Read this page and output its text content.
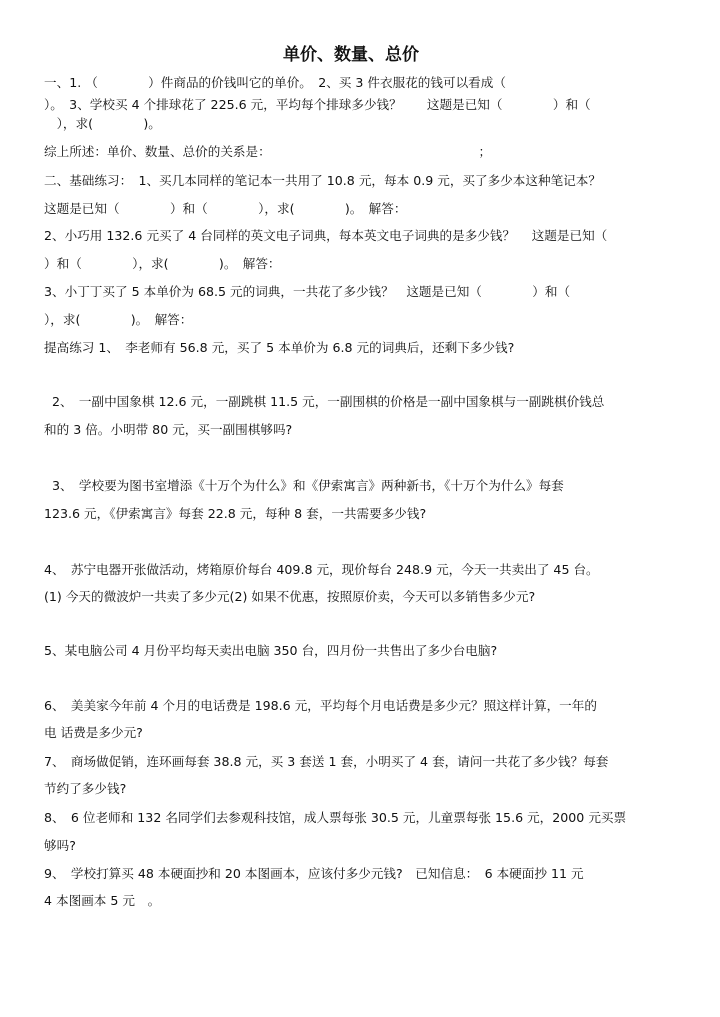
单价、数量、总价
一、1. （　　　　）件商品的价钱叫它的单价。　2、买 3 件衣服花的钱可以看成（
）。　3、学校买 4 个排球花了 225.6 元，平均每个排球多少钱？　　这题是已知（　　　　）和（
　），求(　　　　)。
综上所述：单价、数量、总价的关系是：　　　　　　　　　　　　　　　　　；
二、基础练习：　1、买几本同样的笔记本一共用了 10.8 元，每本 0.9 元，买了多少本这种笔记本？
这题是已知（　　　　）和（　　　　），求(　　　　)。　解答：
2、小巧用 132.6 元买了 4 台同样的英文电子词典，每本英文电子词典的是多少钱？　 这题是已知（
）和（　　　　），求(　　　　)。　解答：
3、小丁丁买了 5 本单价为 68.5 元的词典，一共花了多少钱？　这题是已知（　　　　）和（
），求(　　　　)。　解答：
提高练习 1、　李老师有 56.8 元，买了 5 本单价为 6.8 元的词典后，还剩下多少钱?
2、　一副中国象棋 12.6 元，一副跳棋 11.5 元，一副围棋的价格是一副中国象棋与一副跳棋价钱总
和的 3 倍。小明带 80 元，买一副围棋够吗?
3、　学校要为图书室增添《十万个为什么》和《伊索寓言》两种新书，《十万个为什么》每套
123.6 元，《伊索寓言》每套 22.8 元，每种 8 套，一共需要多少钱?
4、　苏宁电器开张做活动，烤箱原价每台 409.8 元，现价每台 248.9 元，今天一共卖出了 45 台。
(1) 今天的微波炉一共卖了多少元(2) 如果不优惠，按照原价卖，今天可以多销售多少元?
5、某电脑公司 4 月份平均每天卖出电脑 350 台，四月份一共售出了多少台电脑?
6、　美美家今年前 4 个月的电话费是 198.6 元，平均每个月电话费是多少元？照这样计算，一年的
电 话费是多少元?
7、　商场做促销，连环画每套 38.8 元，买 3 套送 1 套，小明买了 4 套，请问一共花了多少钱？每套
节约了多少钱?
8、　6 位老师和 132 名同学们去参观科技馆，成人票每张 30.5 元，儿童票每张 15.6 元，2000 元买票
够吗?
9、　学校打算买 48 本硬面抄和 20 本图画本，应该付多少元钱?　已知信息：　6 本硬面抄 11 元
4 本图画本 5 元　。
